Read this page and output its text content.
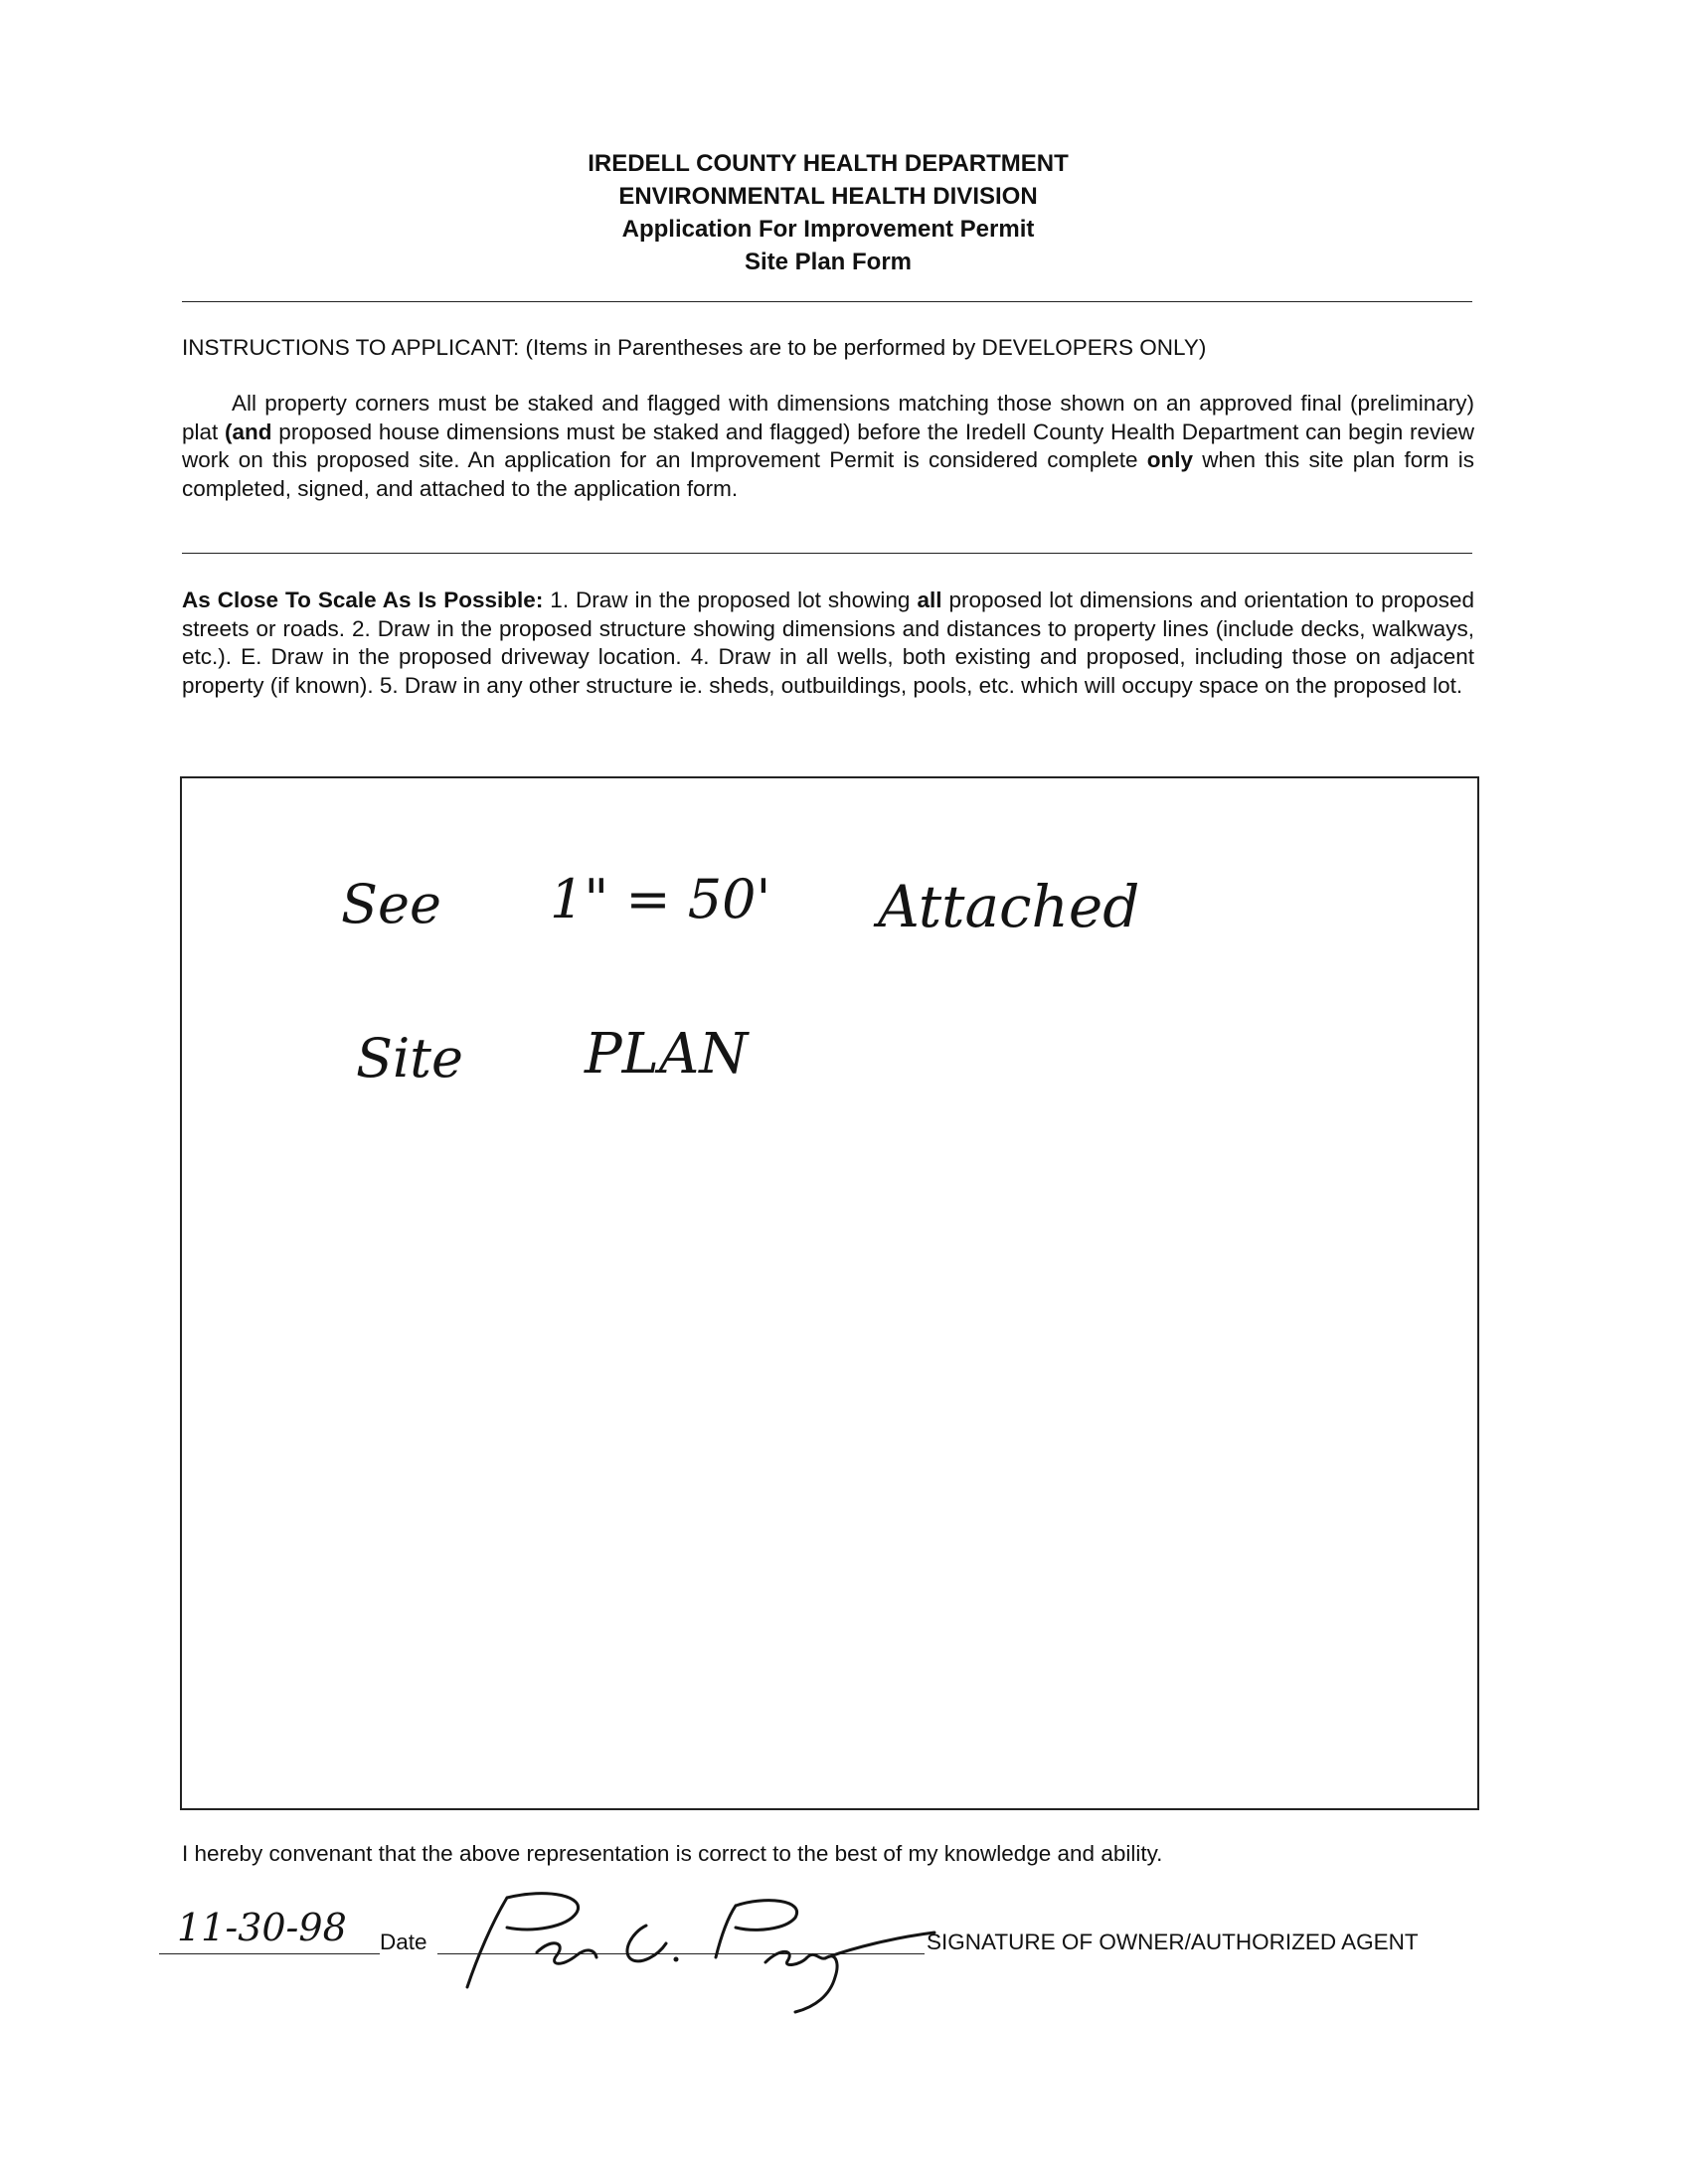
IREDELL COUNTY HEALTH DEPARTMENT
ENVIRONMENTAL HEALTH DIVISION
Application For Improvement Permit
Site Plan Form
INSTRUCTIONS TO APPLICANT: (Items in Parentheses are to be performed by DEVELOPERS ONLY)
All property corners must be staked and flagged with dimensions matching those shown on an approved final (preliminary) plat (and proposed house dimensions must be staked and flagged) before the Iredell County Health Department can begin review work on this proposed site. An application for an Improvement Permit is considered complete only when this site plan form is completed, signed, and attached to the application form.
As Close To Scale As Is Possible: 1. Draw in the proposed lot showing all proposed lot dimensions and orientation to proposed streets or roads. 2. Draw in the proposed structure showing dimensions and distances to property lines (include decks, walkways, etc.). E. Draw in the proposed driveway location. 4. Draw in all wells, both existing and proposed, including those on adjacent property (if known). 5. Draw in any other structure ie. sheds, outbuildings, pools, etc. which will occupy space on the proposed lot.
See 1" = 50' Attached
Site PLAN
I hereby convenant that the above representation is correct to the best of my knowledge and ability.
11-30-98 Date	SIGNATURE OF OWNER/AUTHORIZED AGENT
